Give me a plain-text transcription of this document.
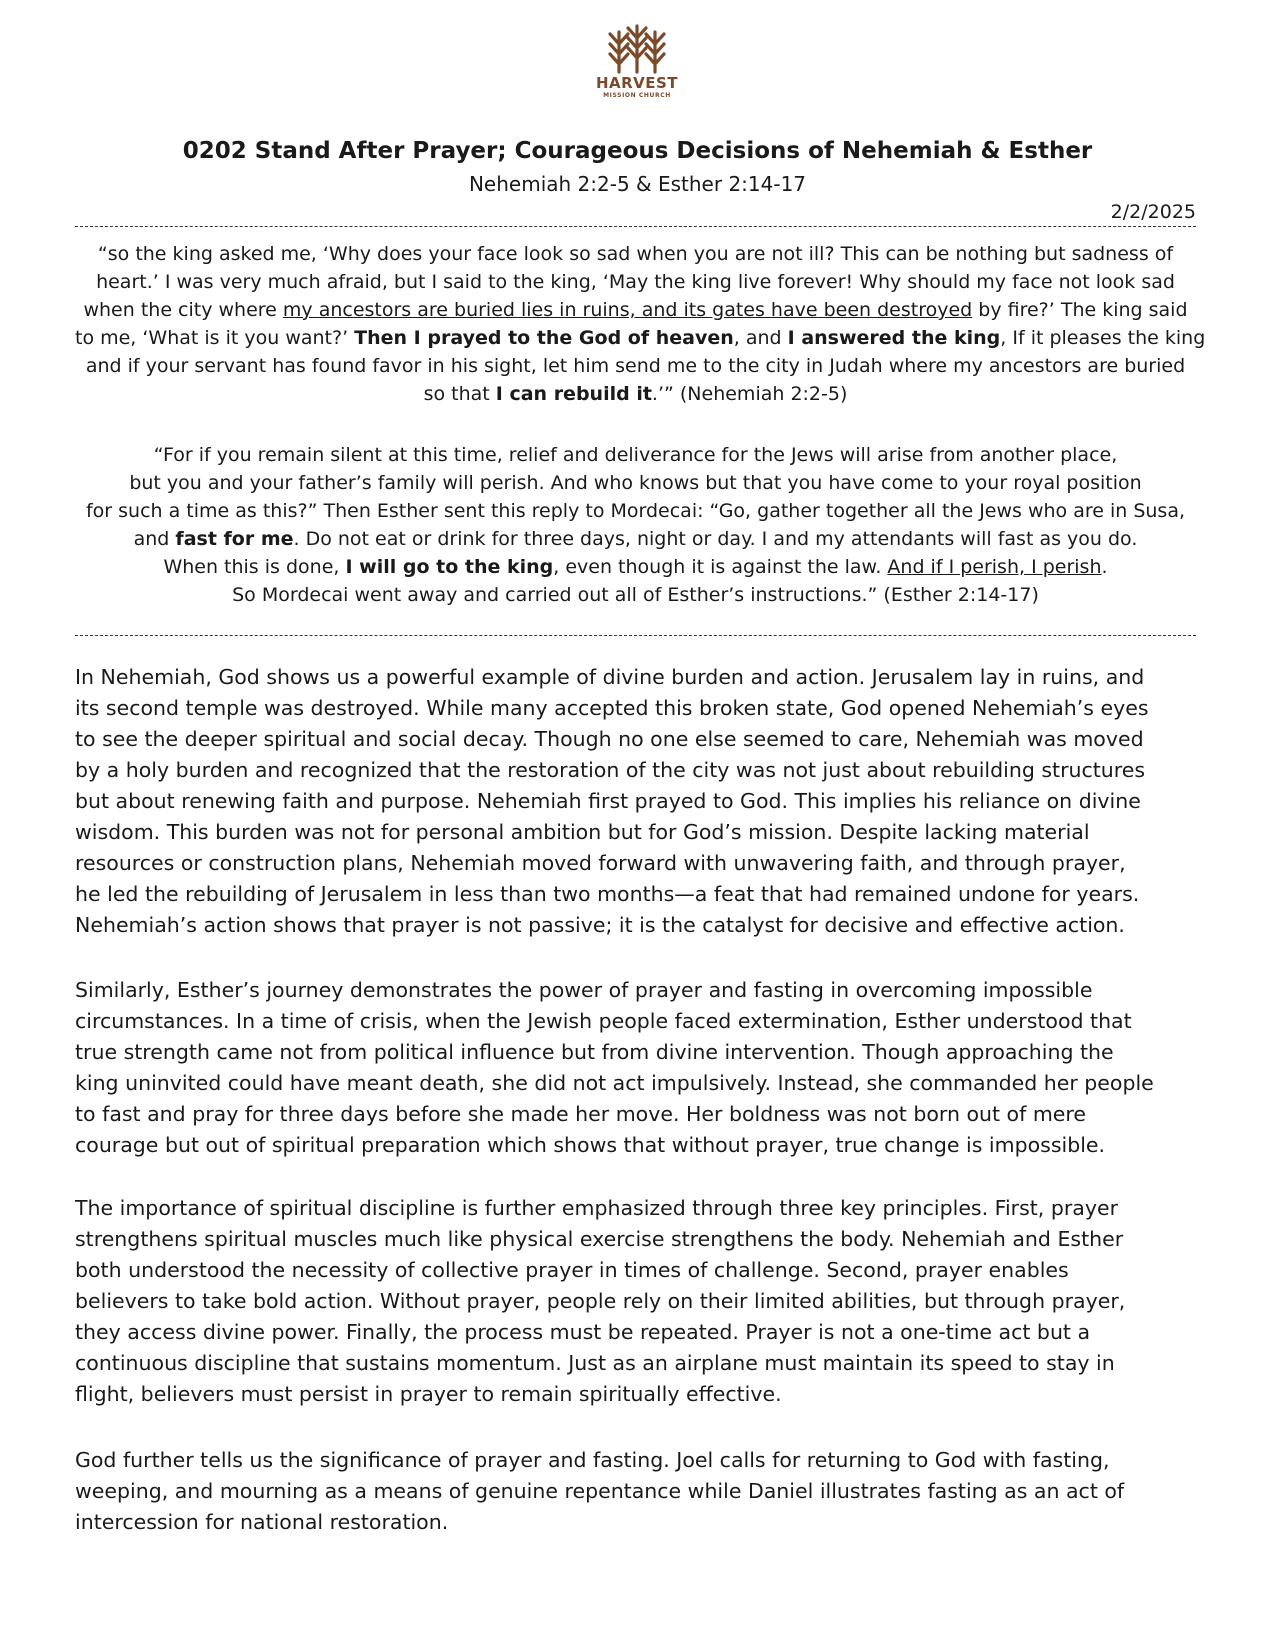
HARVEST
MISSION CHURCH
0202 Stand After Prayer; Courageous Decisions of Nehemiah & Esther
Nehemiah 2:2-5 & Esther 2:14-17
2/2/2025
“so the king asked me, ‘Why does your face look so sad when you are not ill? This can be nothing but sadness of
heart.’ I was very much afraid, but I said to the king, ‘May the king live forever! Why should my face not look sad
when the city where my ancestors are buried lies in ruins, and its gates have been destroyed by fire?’ The king said
to me, ‘What is it you want?’ Then I prayed to the God of heaven, and I answered the king, If it pleases the king
and if your servant has found favor in his sight, let him send me to the city in Judah where my ancestors are buried
so that I can rebuild it.’” (Nehemiah 2:2-5)
“For if you remain silent at this time, relief and deliverance for the Jews will arise from another place,
but you and your father’s family will perish. And who knows but that you have come to your royal position
for such a time as this?” Then Esther sent this reply to Mordecai: “Go, gather together all the Jews who are in Susa,
and fast for me. Do not eat or drink for three days, night or day. I and my attendants will fast as you do.
When this is done, I will go to the king, even though it is against the law. And if I perish, I perish.
So Mordecai went away and carried out all of Esther’s instructions.” (Esther 2:14-17)
In Nehemiah, God shows us a powerful example of divine burden and action. Jerusalem lay in ruins, and
its second temple was destroyed. While many accepted this broken state, God opened Nehemiah’s eyes
to see the deeper spiritual and social decay. Though no one else seemed to care, Nehemiah was moved
by a holy burden and recognized that the restoration of the city was not just about rebuilding structures
but about renewing faith and purpose. Nehemiah first prayed to God. This implies his reliance on divine
wisdom. This burden was not for personal ambition but for God’s mission. Despite lacking material
resources or construction plans, Nehemiah moved forward with unwavering faith, and through prayer,
he led the rebuilding of Jerusalem in less than two months—a feat that had remained undone for years.
Nehemiah’s action shows that prayer is not passive; it is the catalyst for decisive and effective action.
Similarly, Esther’s journey demonstrates the power of prayer and fasting in overcoming impossible
circumstances. In a time of crisis, when the Jewish people faced extermination, Esther understood that
true strength came not from political influence but from divine intervention. Though approaching the
king uninvited could have meant death, she did not act impulsively. Instead, she commanded her people
to fast and pray for three days before she made her move. Her boldness was not born out of mere
courage but out of spiritual preparation which shows that without prayer, true change is impossible.
The importance of spiritual discipline is further emphasized through three key principles. First, prayer
strengthens spiritual muscles much like physical exercise strengthens the body. Nehemiah and Esther
both understood the necessity of collective prayer in times of challenge. Second, prayer enables
believers to take bold action. Without prayer, people rely on their limited abilities, but through prayer,
they access divine power. Finally, the process must be repeated. Prayer is not a one-time act but a
continuous discipline that sustains momentum. Just as an airplane must maintain its speed to stay in
flight, believers must persist in prayer to remain spiritually effective.
God further tells us the significance of prayer and fasting. Joel calls for returning to God with fasting,
weeping, and mourning as a means of genuine repentance while Daniel illustrates fasting as an act of
intercession for national restoration.
